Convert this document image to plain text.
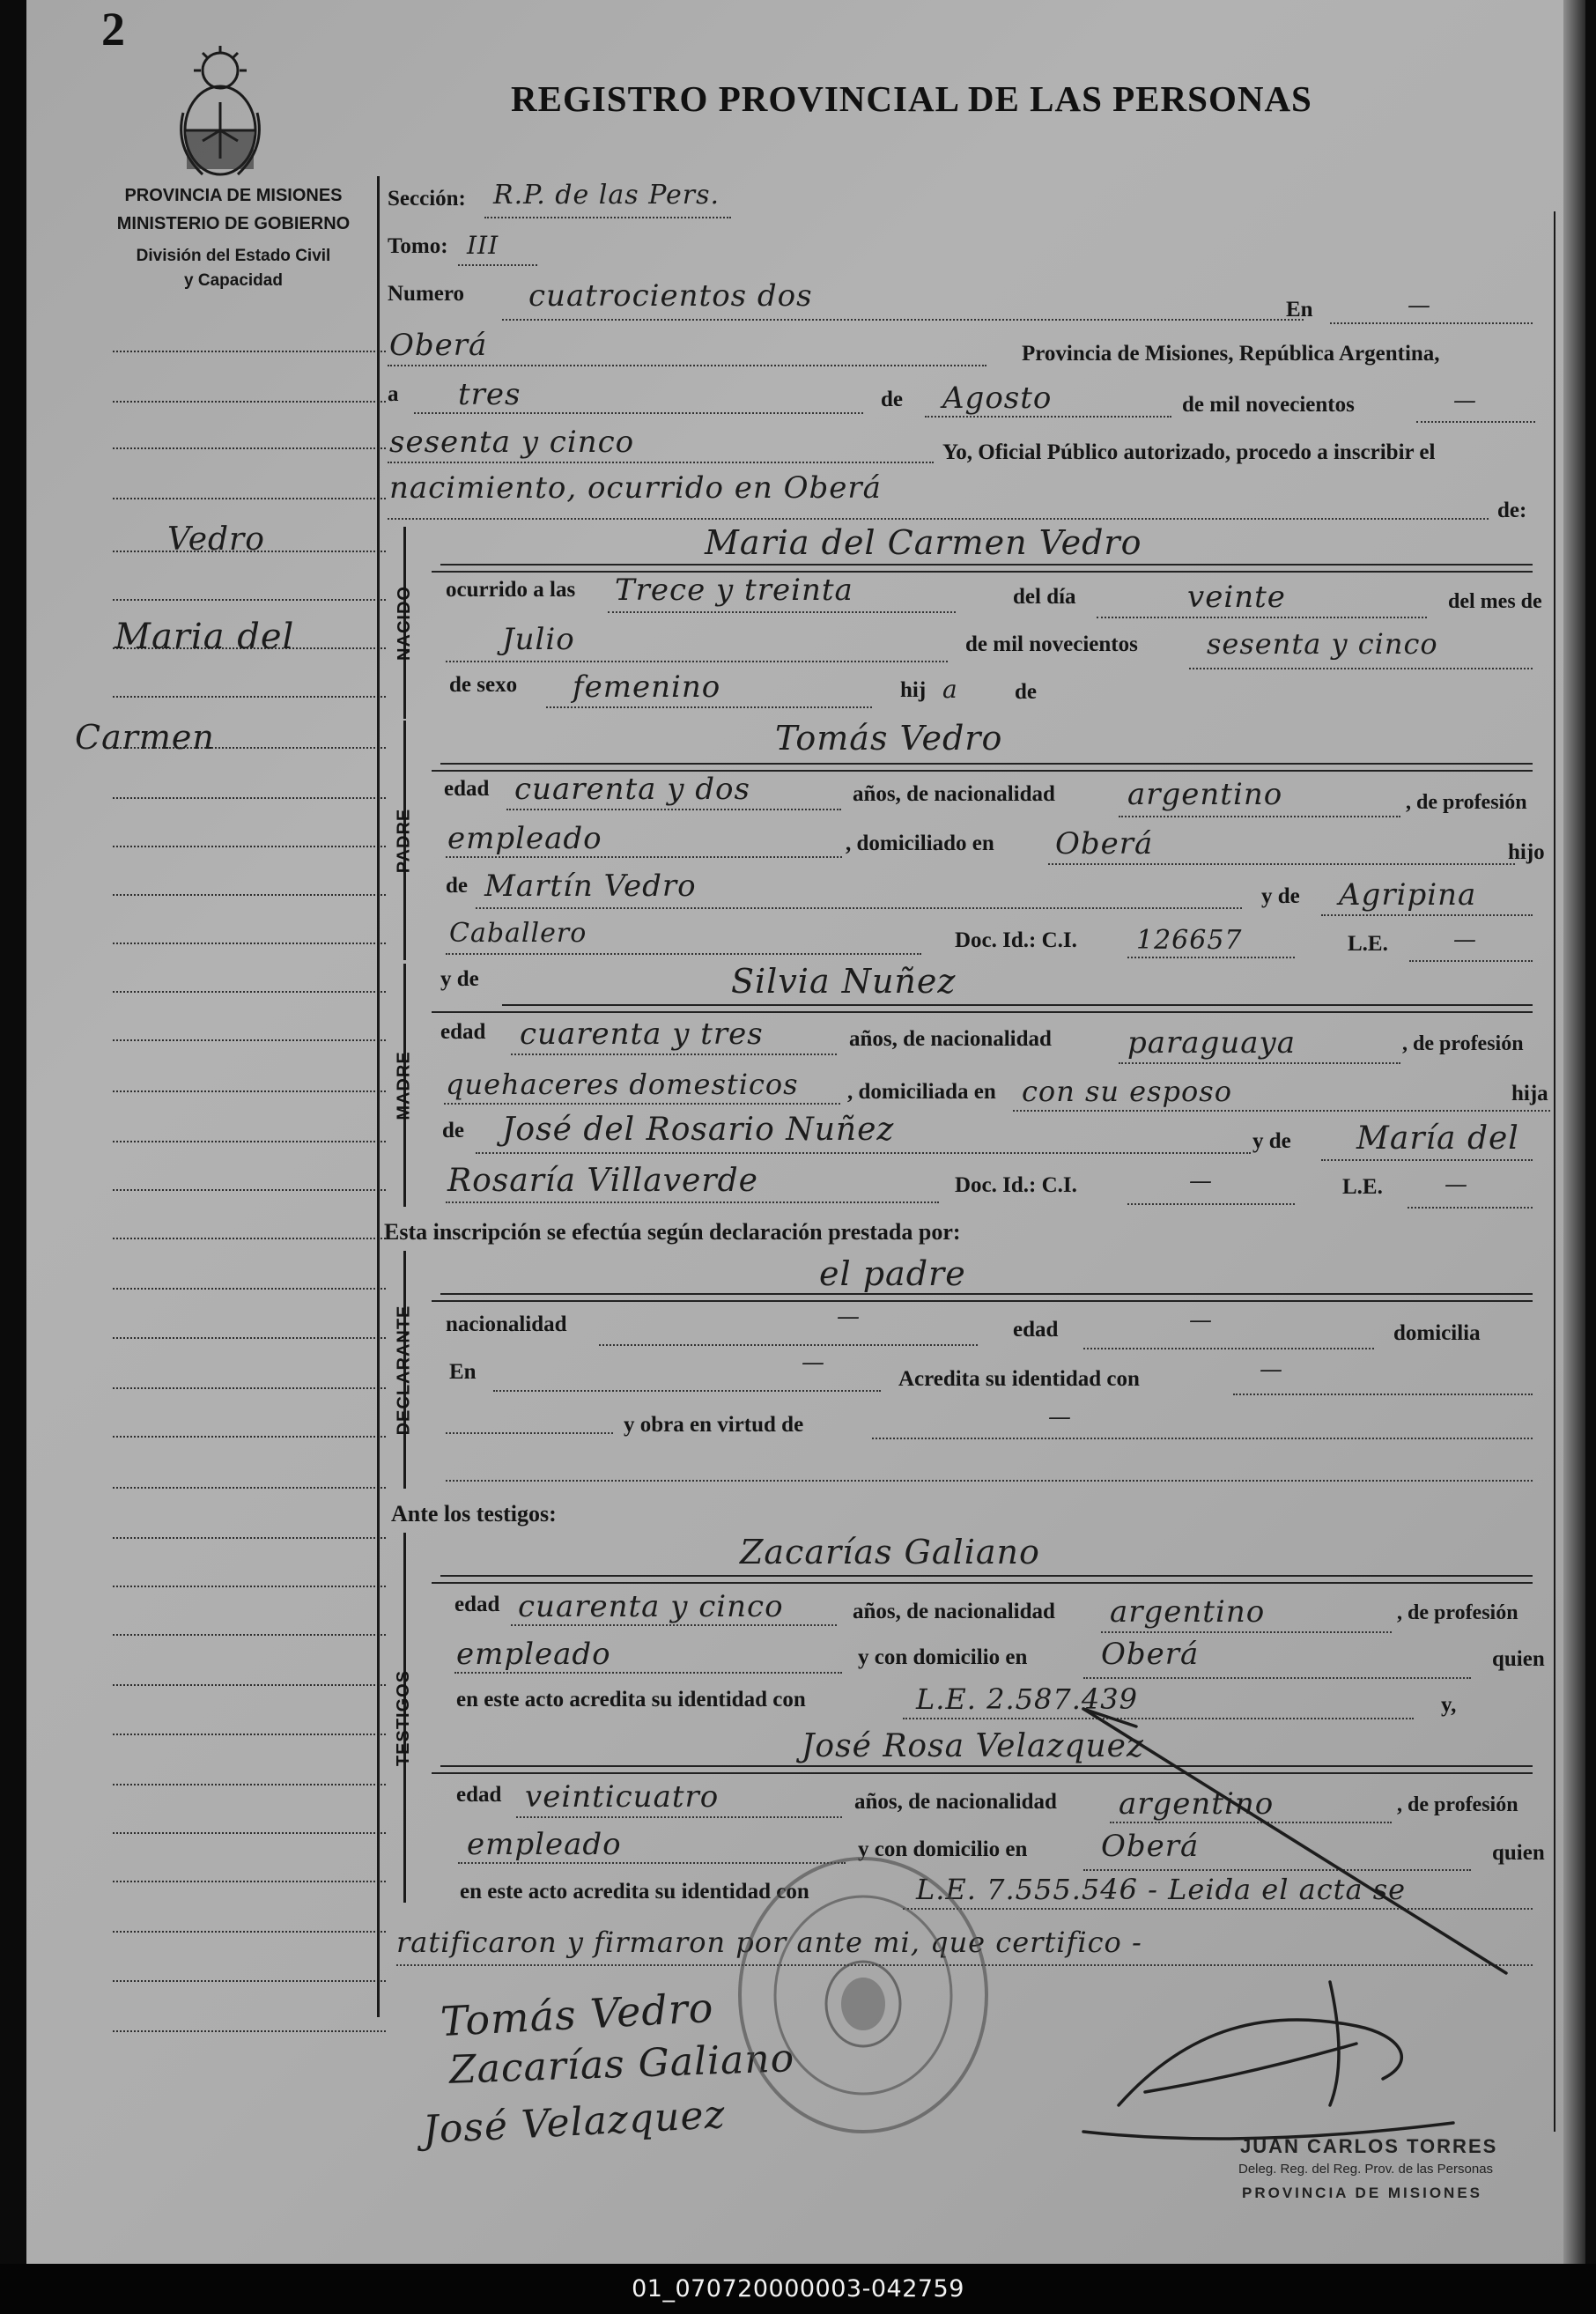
2
PROVINCIA DE MISIONES
MINISTERIO DE GOBIERNO
División del Estado Civil
y Capacidad
REGISTRO PROVINCIAL DE LAS PERSONAS
Vedro
Maria del
Carmen
Sección: R.P. de las Pers.
Tomo: III
Numero cuatrocientos dos	En	—
Oberá	Provincia de Misiones, República Argentina,
a tres	de Agosto	de mil novecientos	—
sesenta y cinco	Yo, Oficial Público autorizado, procedo a inscribir el
nacimiento, ocurrido en Oberá
de:
NACIDO
Maria del Carmen Vedro
ocurrido a las Trece y treinta	del día	veinte	del mes de
Julio	de mil novecientos sesenta y cinco
de sexo femenino	hij a	de
PADRE
Tomás Vedro
edad cuarenta y dos	años, de nacionalidad argentino	, de profesión
empleado	, domiciliado en Oberá	hijo
de Martín Vedro	y de Agripina
Caballero	Doc. Id.: C.I. 126657	L.E.	—
MADRE
y de	Silvia Nuñez
edad cuarenta y tres	años, de nacionalidad	paraguaya	, de profesión
quehaceres domesticos , domiciliada en con su esposo	hija
de José del Rosario Nuñez	y de María del
Rosaría Villaverde	Doc. Id.: C.I.	—	L.E.	—
Esta inscripción se efectúa según declaración prestada por:
DECLARANTE
el padre
nacionalidad	—	edad	—	domicilia
En	—
Acredita su identidad con	—
y obra en virtud de	—
Ante los testigos:
TESTIGOS
Zacarías Galiano
edad cuarenta y cinco	años, de nacionalidad argentino	, de profesión
empleado	y con domicilio en Oberá	quien
en este acto acredita su identidad con	L.E. 2.587.439	y,
José Rosa Velazquez
edad veinticuatro	años, de nacionalidad argentino	, de profesión
empleado	y con domicilio en Oberá	quien
en este acto acredita su identidad con	L.E. 7.555.546 - Leida el acta se
ratificaron y firmaron por ante mi, que certifico -
Tomás Vedro
Zacarías Galiano
José Velazquez	JUAN CARLOS TORRES
Deleg. Reg. del Reg. Prov. de las Personas
PROVINCIA DE MISIONES
01_070720000003-042759
